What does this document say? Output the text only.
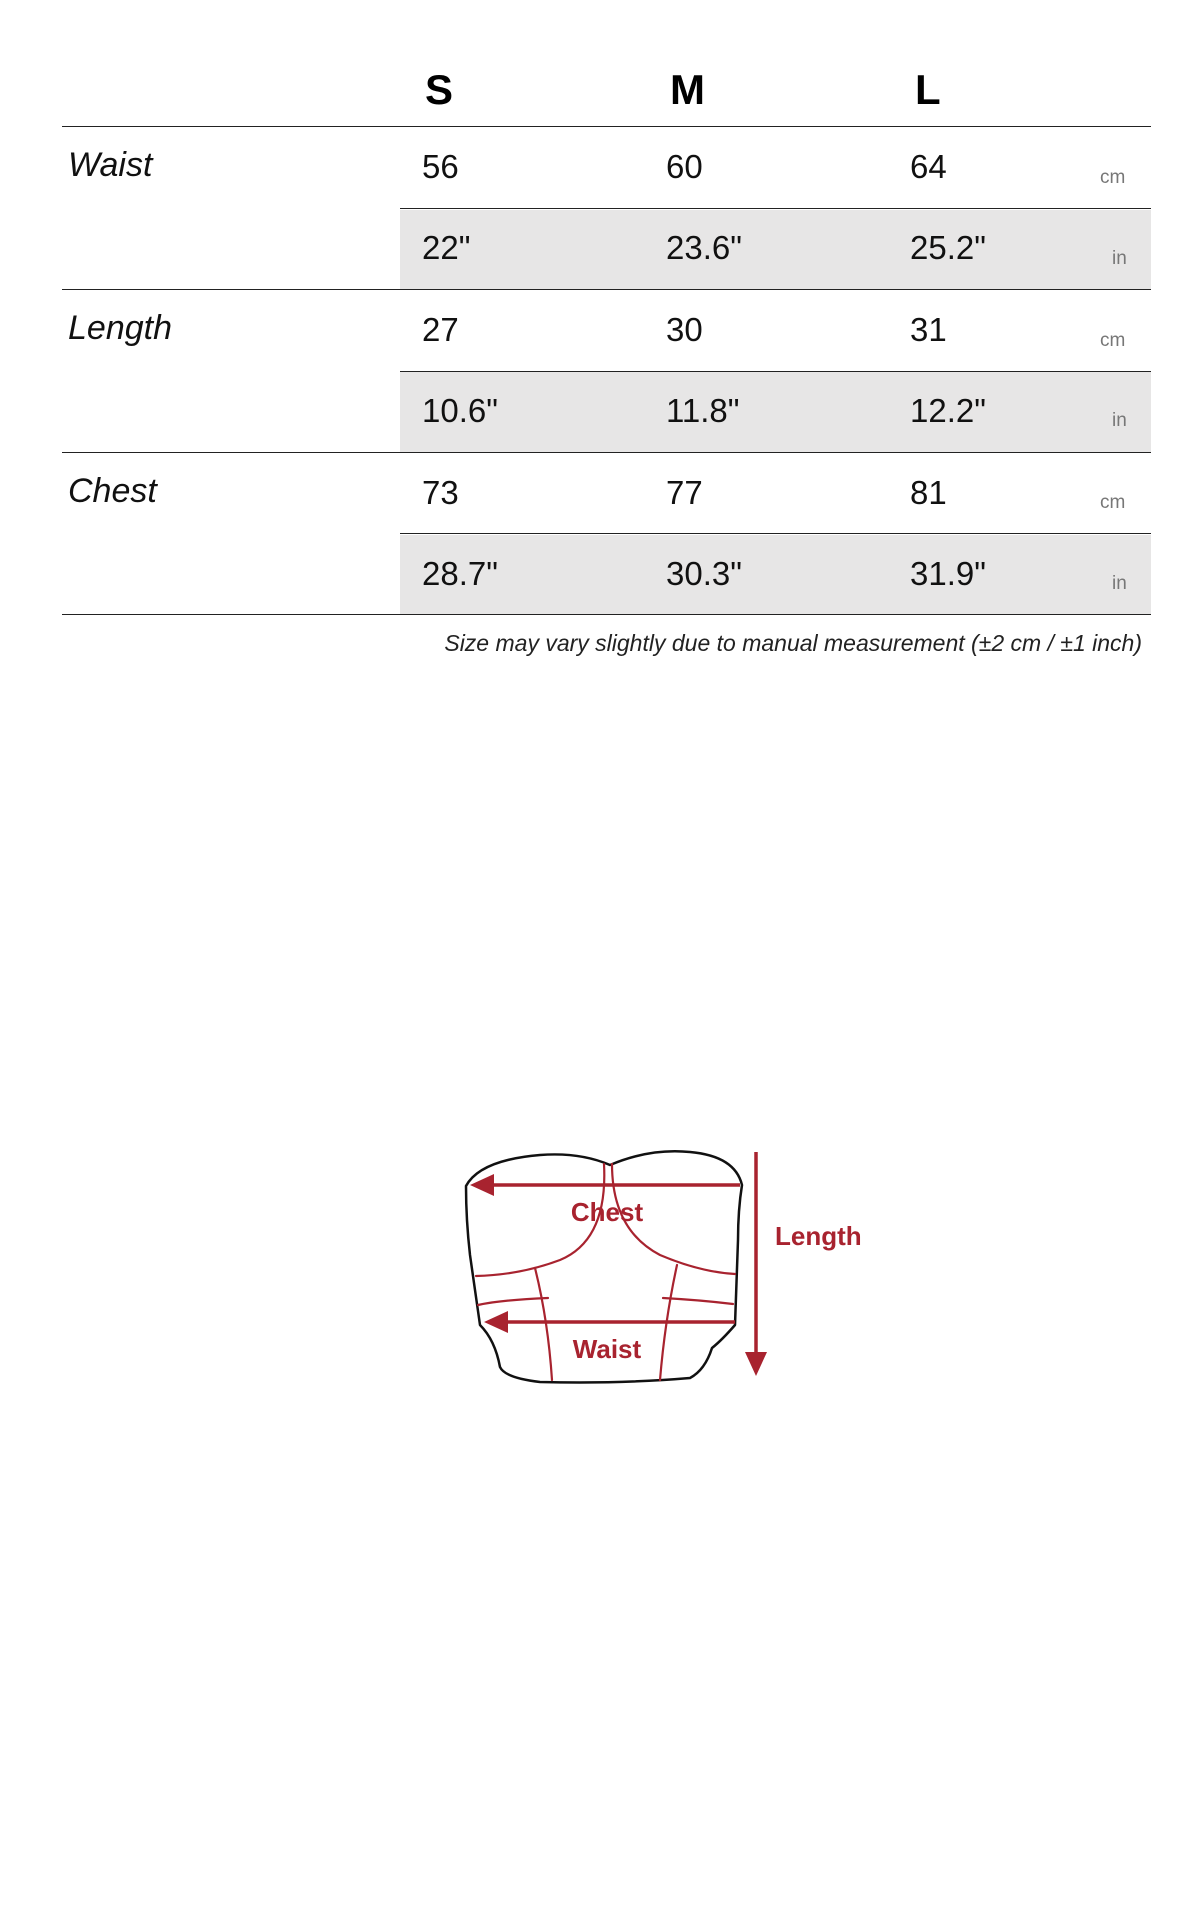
S	M	L
Waist	56	60	64	cm
22"	23.6"	25.2"	in
Length	27	30	31	cm
10.6"	11.8"	12.2"	in
Chest	73	77	81	cm
28.7"	30.3"	31.9"	in
Size may vary slightly due to manual measurement (±2 cm / ±1 inch)
Chest
Waist
Length
